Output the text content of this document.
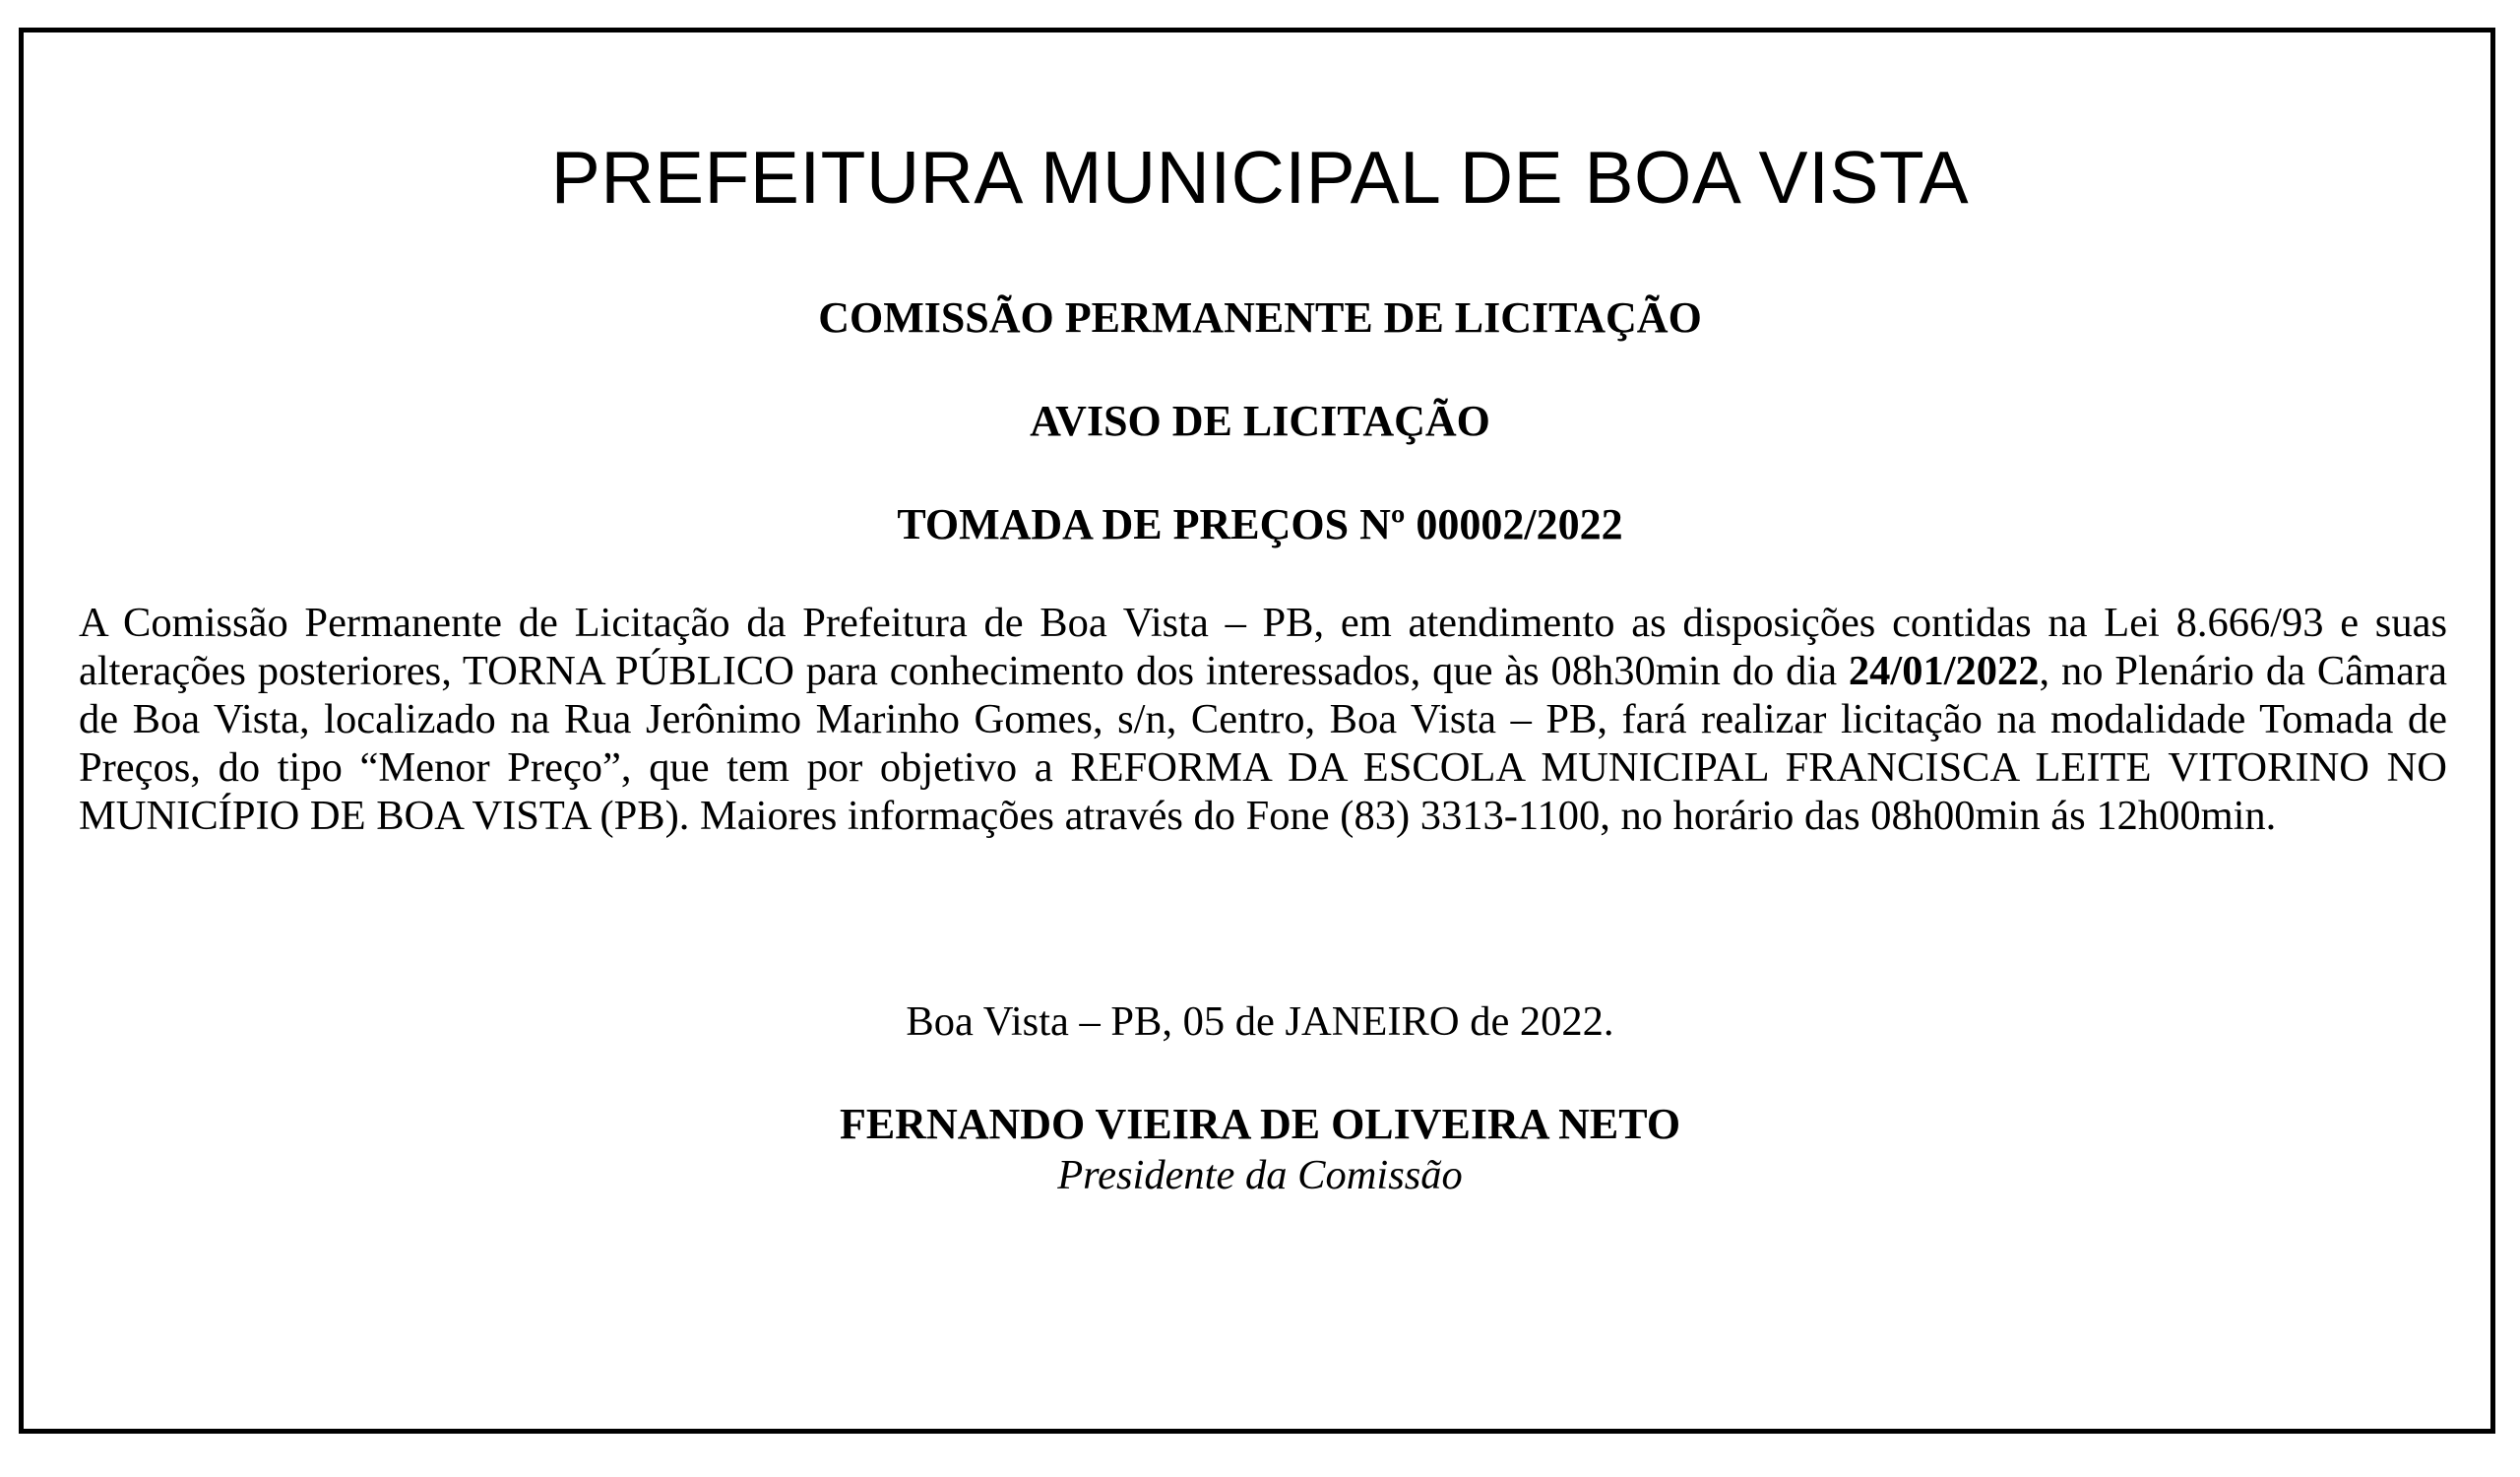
PREFEITURA MUNICIPAL DE BOA VISTA
COMISSÃO PERMANENTE DE LICITAÇÃO
AVISO DE LICITAÇÃO
TOMADA DE PREÇOS Nº 00002/2022

A Comissão Permanente de Licitação da Prefeitura de Boa Vista – PB, em atendimento as disposições contidas na Lei 8.666/93 e suas alterações posteriores, TORNA PÚBLICO para conhecimento dos interessados, que às 08h30min do dia 24/01/2022, no Plenário da Câmara de Boa Vista, localizado na Rua Jerônimo Marinho Gomes, s/n, Centro, Boa Vista – PB, fará realizar licitação na modalidade Tomada de Preços, do tipo “Menor Preço”, que tem por objetivo a REFORMA DA ESCOLA MUNICIPAL FRANCISCA LEITE VITORINO NO MUNICÍPIO DE BOA VISTA (PB). Maiores informações através do Fone (83) 3313-1100, no horário das 08h00min ás 12h00min.

Boa Vista – PB, 05 de JANEIRO de 2022.

FERNANDO VIEIRA DE OLIVEIRA NETO

Presidente da Comissão
